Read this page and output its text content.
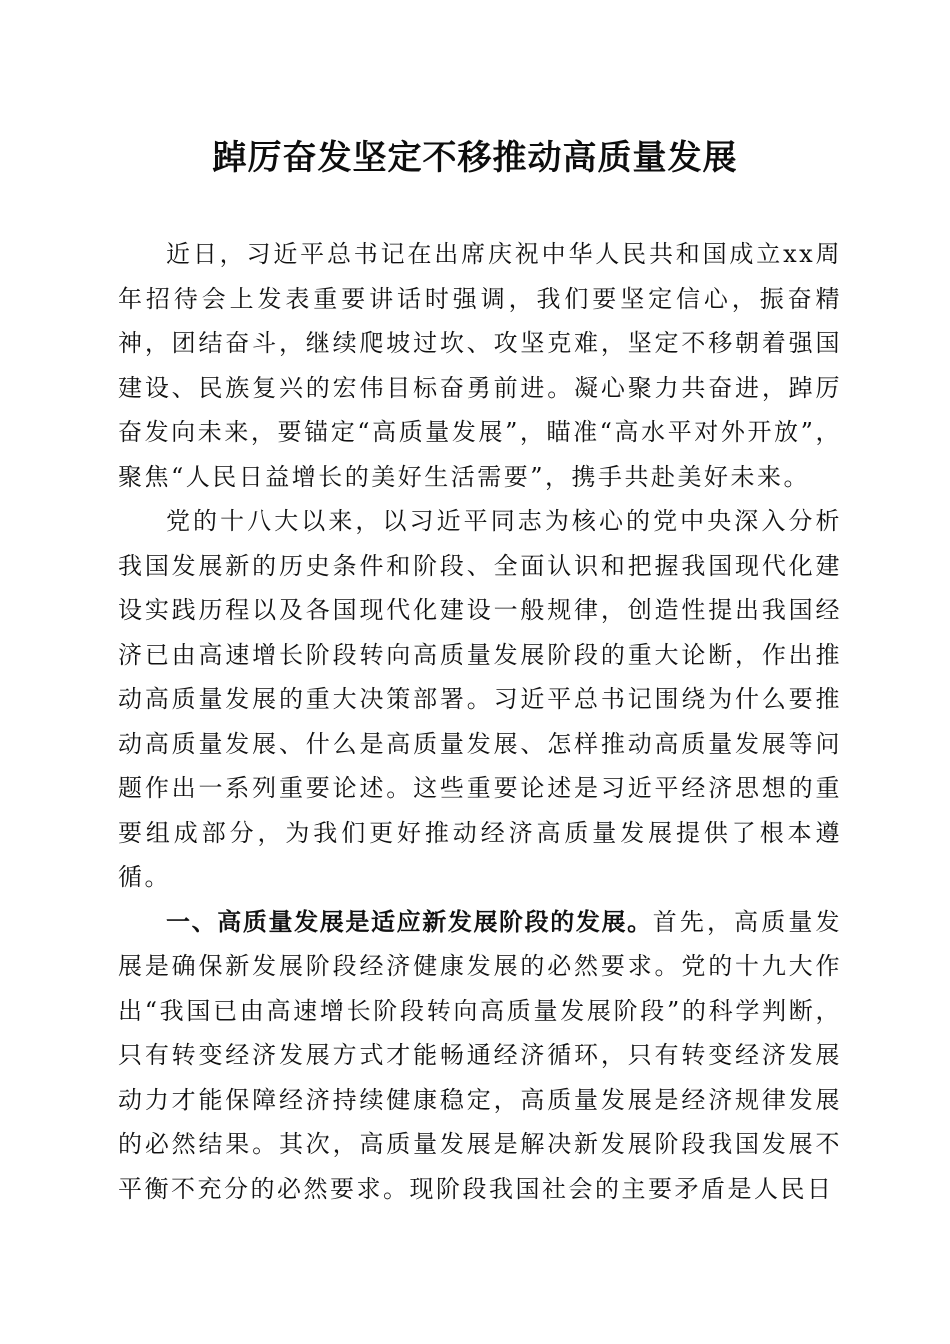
踔厉奋发坚定不移推动高质量发展

近日，习近平总书记在出席庆祝中华人民共和国成立xx周年招待会上发表重要讲话时强调，我们要坚定信心，振奋精神，团结奋斗，继续爬坡过坎、攻坚克难，坚定不移朝着强国建设、民族复兴的宏伟目标奋勇前进。凝心聚力共奋进，踔厉奋发向未来，要锚定“高质量发展”，瞄准“高水平对外开放”，聚焦“人民日益增长的美好生活需要”，携手共赴美好未来。

党的十八大以来，以习近平同志为核心的党中央深入分析我国发展新的历史条件和阶段、全面认识和把握我国现代化建设实践历程以及各国现代化建设一般规律，创造性提出我国经济已由高速增长阶段转向高质量发展阶段的重大论断，作出推动高质量发展的重大决策部署。习近平总书记围绕为什么要推动高质量发展、什么是高质量发展、怎样推动高质量发展等问题作出一系列重要论述。这些重要论述是习近平经济思想的重要组成部分，为我们更好推动经济高质量发展提供了根本遵循。

一、高质量发展是适应新发展阶段的发展。首先，高质量发展是确保新发展阶段经济健康发展的必然要求。党的十九大作出“我国已由高速增长阶段转向高质量发展阶段”的科学判断，只有转变经济发展方式才能畅通经济循环，只有转变经济发展动力才能保障经济持续健康稳定，高质量发展是经济规律发展的必然结果。其次，高质量发展是解决新发展阶段我国发展不平衡不充分的必然要求。现阶段我国社会的主要矛盾是人民日
